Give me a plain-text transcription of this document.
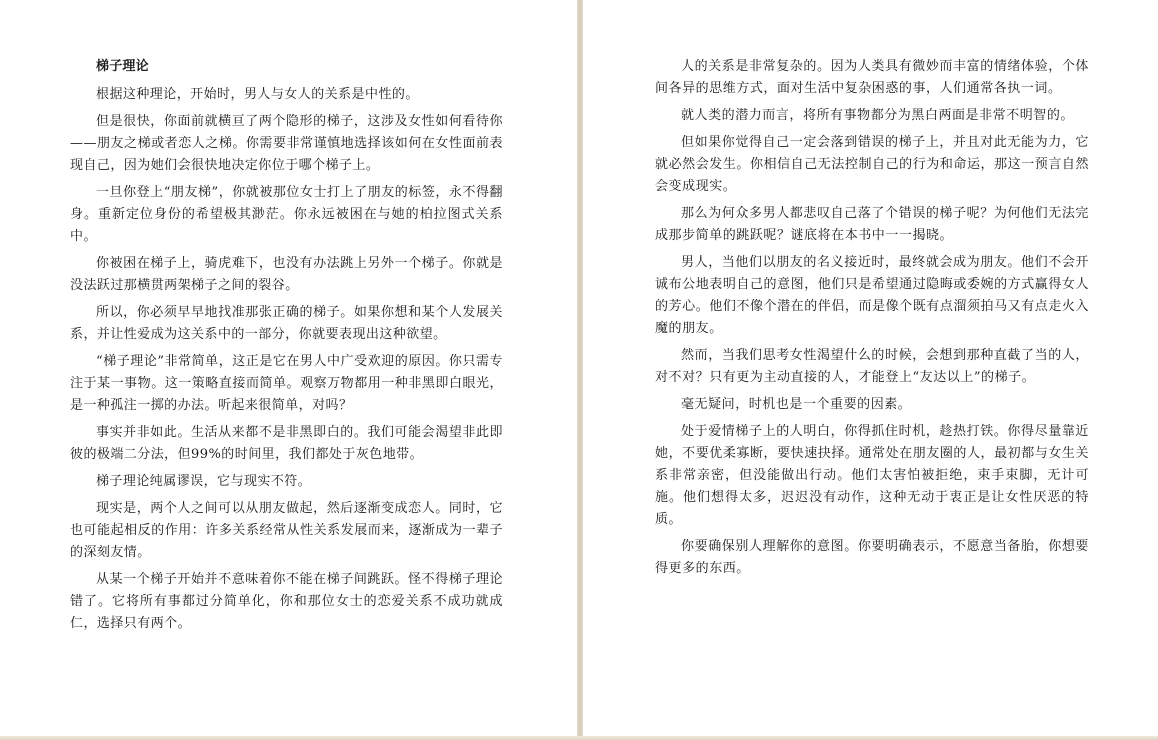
梯子理论

根据这种理论，开始时，男人与女人的关系是中性的。

但是很快，你面前就横亘了两个隐形的梯子，这涉及女性如何看待你——朋友之梯或者恋人之梯。你需要非常谨慎地选择该如何在女性面前表现自己，因为她们会很快地决定你位于哪个梯子上。

一旦你登上“朋友梯”，你就被那位女士打上了朋友的标签，永不得翻身。重新定位身份的希望极其渺茫。你永远被困在与她的柏拉图式关系中。

你被困在梯子上，骑虎难下，也没有办法跳上另外一个梯子。你就是没法跃过那横贯两架梯子之间的裂谷。

所以，你必须早早地找准那张正确的梯子。如果你想和某个人发展关系，并让性爱成为这关系中的一部分，你就要表现出这种欲望。

“梯子理论”非常简单，这正是它在男人中广受欢迎的原因。你只需专注于某一事物。这一策略直接而简单。观察万物都用一种非黑即白眼光，是一种孤注一掷的办法。听起来很简单，对吗？

事实并非如此。生活从来都不是非黑即白的。我们可能会渴望非此即彼的极端二分法，但99%的时间里，我们都处于灰色地带。

梯子理论纯属谬误，它与现实不符。

现实是，两个人之间可以从朋友做起，然后逐渐变成恋人。同时，它也可能起相反的作用：许多关系经常从性关系发展而来，逐渐成为一辈子的深刻友情。

从某一个梯子开始并不意味着你不能在梯子间跳跃。怪不得梯子理论错了。它将所有事都过分简单化，你和那位女士的恋爱关系不成功就成仁，选择只有两个。

人的关系是非常复杂的。因为人类具有微妙而丰富的情绪体验，个体间各异的思维方式，面对生活中复杂困惑的事，人们通常各执一词。

就人类的潜力而言，将所有事物都分为黑白两面是非常不明智的。

但如果你觉得自己一定会落到错误的梯子上，并且对此无能为力，它就必然会发生。你相信自己无法控制自己的行为和命运，那这一预言自然会变成现实。

那么为何众多男人都悲叹自己落了个错误的梯子呢？为何他们无法完成那步简单的跳跃呢？谜底将在本书中一一揭晓。

男人，当他们以朋友的名义接近时，最终就会成为朋友。他们不会开诚布公地表明自己的意图，他们只是希望通过隐晦或委婉的方式赢得女人的芳心。他们不像个潜在的伴侣，而是像个既有点溜须拍马又有点走火入魔的朋友。

然而，当我们思考女性渴望什么的时候，会想到那种直截了当的人，对不对？只有更为主动直接的人，才能登上“友达以上”的梯子。

毫无疑问，时机也是一个重要的因素。

处于爱情梯子上的人明白，你得抓住时机，趁热打铁。你得尽量靠近她，不要优柔寡断，要快速抉择。通常处在朋友圈的人，最初都与女生关系非常亲密，但没能做出行动。他们太害怕被拒绝，束手束脚，无计可施。他们想得太多，迟迟没有动作，这种无动于衷正是让女性厌恶的特质。

你要确保别人理解你的意图。你要明确表示，不愿意当备胎，你想要得更多的东西。
